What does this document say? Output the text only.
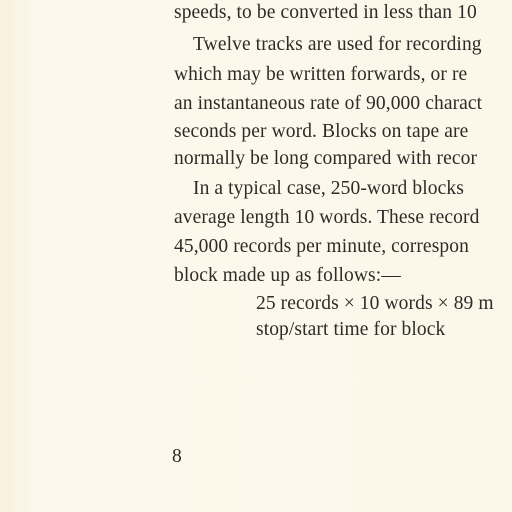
speeds, to be converted in less than 10
Twelve tracks are used for recording
which may be written forwards, or re
an instantaneous rate of 90,000 charact
seconds per word. Blocks on tape are
normally be long compared with recor
In a typical case, 250-word blocks
average length 10 words. These record
45,000 records per minute, correspon
block made up as follows:—
25 records × 10 words × 89 m
stop/start time for block
8
